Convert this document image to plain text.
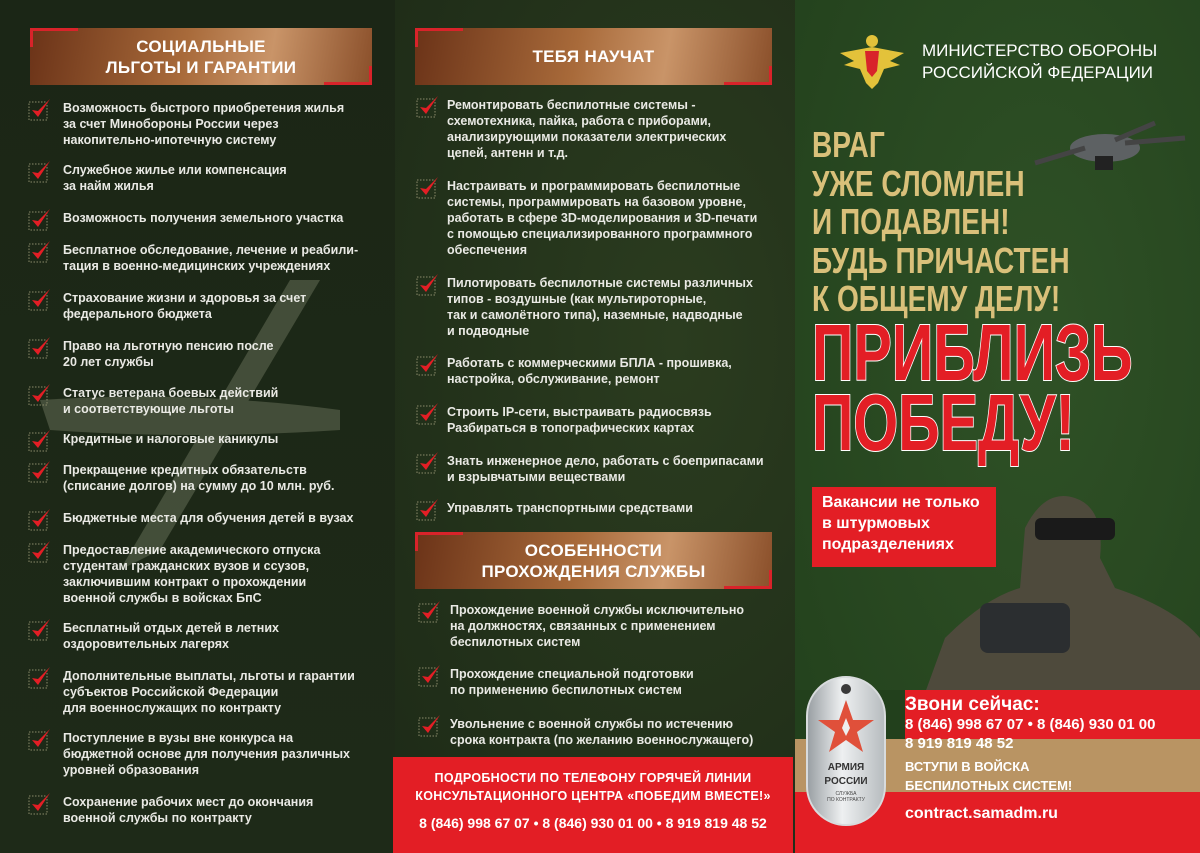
СОЦИАЛЬНЫЕ
ЛЬГОТЫ И ГАРАНТИИ
Возможность быстрого приобретения жилья
за счет Минобороны России через
накопительно-ипотечную систему
Служебное жилье или компенсация
за найм жилья
Возможность получения земельного участка
Бесплатное обследование, лечение и реабили-
тация в военно-медицинских учреждениях
Страхование жизни и здоровья за счет
федерального бюджета
Право на льготную пенсию после
20 лет службы
Статус ветерана боевых действий
и соответствующие льготы
Кредитные и налоговые каникулы
Прекращение кредитных обязательств
(списание долгов) на сумму до 10 млн. руб.
Бюджетные места для обучения детей в вузах
Предоставление академического отпуска
студентам гражданских вузов и ссузов,
заключившим контракт о прохождении
военной службы в войсках БпС
Бесплатный отдых детей в летних
оздоровительных лагерях
Дополнительные выплаты, льготы и гарантии
субъектов Российской Федерации
для военнослужащих по контракту
Поступление в вузы вне конкурса на
бюджетной основе для получения различных
уровней образования
Сохранение рабочих мест до окончания
военной службы по контракту
ТЕБЯ НАУЧАТ
Ремонтировать беспилотные системы -
схемотехника, пайка, работа с приборами,
анализирующими показатели электрических
цепей, антенн и т.д.
Настраивать и программировать беспилотные
системы, программировать на базовом уровне,
работать в сфере 3D-моделирования и 3D-печати
с помощью специализированного программного
обеспечения
Пилотировать беспилотные системы различных
типов - воздушные (как мультироторные,
так и самолётного типа), наземные, надводные
и подводные
Работать с коммерческими БПЛА - прошивка,
настройка, обслуживание, ремонт
Строить IP-сети, выстраивать радиосвязь
Разбираться в топографических картах
Знать инженерное дело, работать с боеприпасами
и взрывчатыми веществами
Управлять транспортными средствами
ОСОБЕННОСТИ
ПРОХОЖДЕНИЯ СЛУЖБЫ
Прохождение военной службы исключительно
на должностях, связанных с применением
беспилотных систем
Прохождение специальной подготовки
по применению беспилотных систем
Увольнение с военной службы по истечению
срока контракта (по желанию военнослужащего)
ПОДРОБНОСТИ ПО ТЕЛЕФОНУ ГОРЯЧЕЙ ЛИНИИ
КОНСУЛЬТАЦИОННОГО ЦЕНТРА «ПОБЕДИМ ВМЕСТЕ!»
8 (846) 998 67 07 • 8 (846) 930 01 00 • 8 919 819 48 52
МИНИСТЕРСТВО ОБОРОНЫ
РОССИЙСКОЙ ФЕДЕРАЦИИ
ВРАГ
УЖЕ СЛОМЛЕН
И ПОДАВЛЕН!
БУДЬ ПРИЧАСТЕН
К ОБЩЕМУ ДЕЛУ!
ПРИБЛИЗЬ
ПОБЕДУ!
Вакансии не только
в штурмовых
подразделениях
АРМИЯ
РОССИИ
СЛУЖБА
ПО КОНТРАКТУ
Звони сейчас:
8 (846) 998 67 07 • 8 (846) 930 01 00
8 919 819 48 52
ВСТУПИ В ВОЙСКА
БЕСПИЛОТНЫХ СИСТЕМ!
contract.samadm.ru
